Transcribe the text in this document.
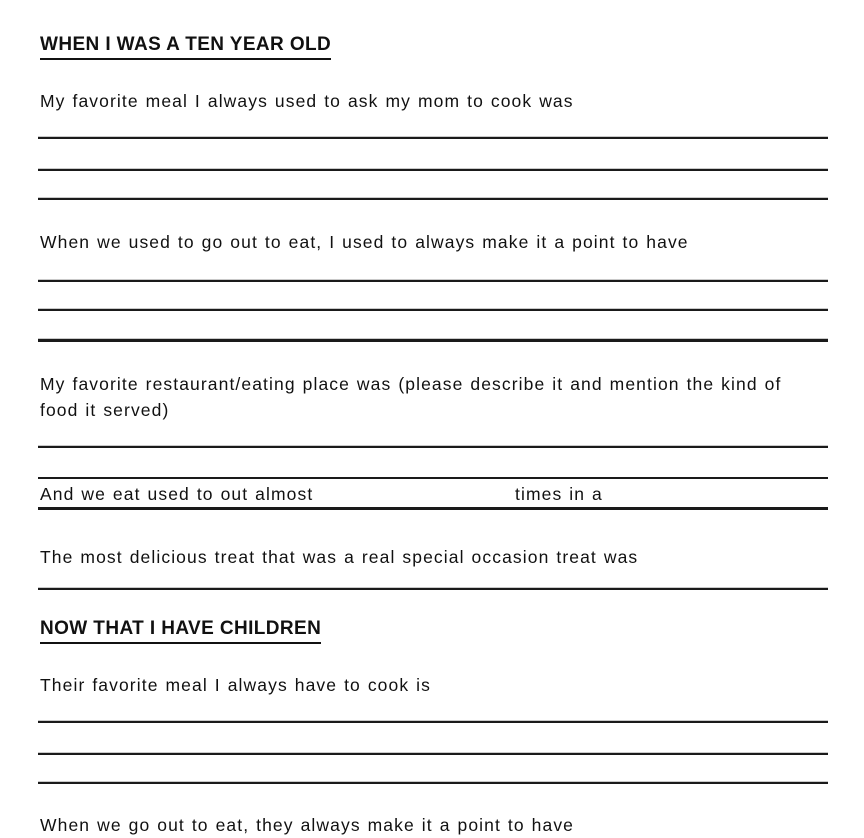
WHEN I WAS A TEN YEAR OLD

My favorite meal I always used to ask my mom to cook was

When we used to go out to eat, I used to always make it a point to have

My favorite restaurant/eating place was (please describe it and mention the kind of food it served)

And we eat used to out almost	times in a

The most delicious treat that was a real special occasion treat was

NOW THAT I HAVE CHILDREN

Their favorite meal I always have to cook is

When we go out to eat, they always make it a point to have
